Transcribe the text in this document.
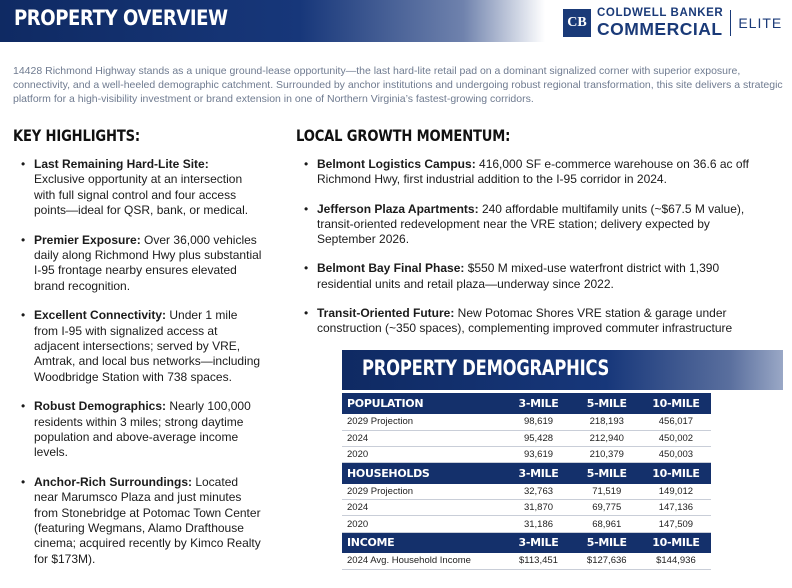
PROPERTY OVERVIEW	CB
COLDWELL BANKER
COMMERCIAL ELITE

14428 Richmond Highway stands as a unique ground-lease opportunity—the last hard-lite retail pad on a dominant signalized corner with superior exposure, connectivity, and a well-heeled demographic catchment. Surrounded by anchor institutions and undergoing robust regional transformation, this site delivers a strategic platform for a high-visibility investment or brand extension in one of Northern Virginia’s fastest-growing corridors.

KEY HIGHLIGHTS:
• Last Remaining Hard-Lite Site: Exclusive opportunity at an intersection with full signal control and four access points—ideal for QSR, bank, or medical.
• Premier Exposure: Over 36,000 vehicles daily along Richmond Hwy plus substantial I-95 frontage nearby ensures elevated brand recognition.
• Excellent Connectivity: Under 1 mile from I-95 with signalized access at adjacent intersections; served by VRE, Amtrak, and local bus networks—including Woodbridge Station with 738 spaces.
• Robust Demographics: Nearly 100,000 residents within 3 miles; strong daytime population and above-average income levels.
• Anchor-Rich Surroundings: Located near Marumsco Plaza and just minutes from Stonebridge at Potomac Town Center (featuring Wegmans, Alamo Drafthouse cinema; acquired recently by Kimco Realty for $173M).
LOCAL GROWTH MOMENTUM:
• Belmont Logistics Campus: 416,000 SF e-commerce warehouse on 36.6 ac off Richmond Hwy, first industrial addition to the I-95 corridor in 2024.
• Jefferson Plaza Apartments: 240 affordable multifamily units (~$67.5 M value), transit-oriented redevelopment near the VRE station; delivery expected by September 2026.
• Belmont Bay Final Phase: $550 M mixed-use waterfront district with 1,390 residential units and retail plaza—underway since 2022.
• Transit-Oriented Future: New Potomac Shores VRE station & garage under construction (~350 spaces), complementing improved commuter infrastructure
PROPERTY DEMOGRAPHICS
POPULATION	3-MILE	5-MILE	10-MILE
2029 Projection	98,619	218,193	456,017
2024	95,428	212,940	450,002
2020	93,619	210,379	450,003
HOUSEHOLDS	3-MILE	5-MILE	10-MILE
2029 Projection	32,763	71,519	149,012
2024	31,870	69,775	147,136
2020	31,186	68,961	147,509
INCOME	3-MILE	5-MILE	10-MILE
2024 Avg. Household Income	$113,451	$127,636	$144,936
